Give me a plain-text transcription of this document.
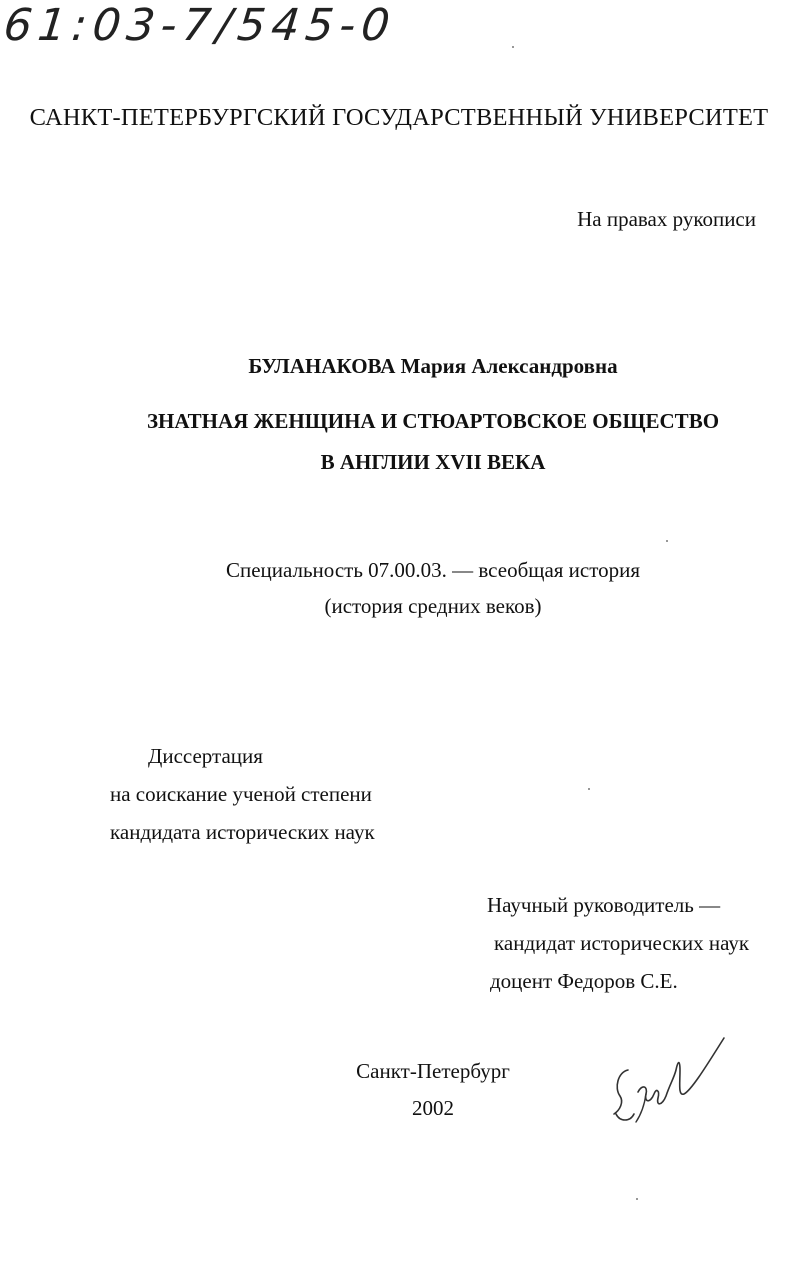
61:03-7/545-0
САНКТ-ПЕТЕРБУРГСКИЙ ГОСУДАРСТВЕННЫЙ УНИВЕРСИТЕТ
На правах рукописи
БУЛАНАКОВА Мария Александровна
ЗНАТНАЯ ЖЕНЩИНА И СТЮАРТОВСКОЕ ОБЩЕСТВО
В АНГЛИИ XVII ВЕКА
Специальность 07.00.03. — всеобщая история
(история средних веков)
Диссертация
на соискание ученой степени
кандидата исторических наук
Научный руководитель —
кандидат исторических наук
доцент Федоров С.Е.
Санкт-Петербург
2002
